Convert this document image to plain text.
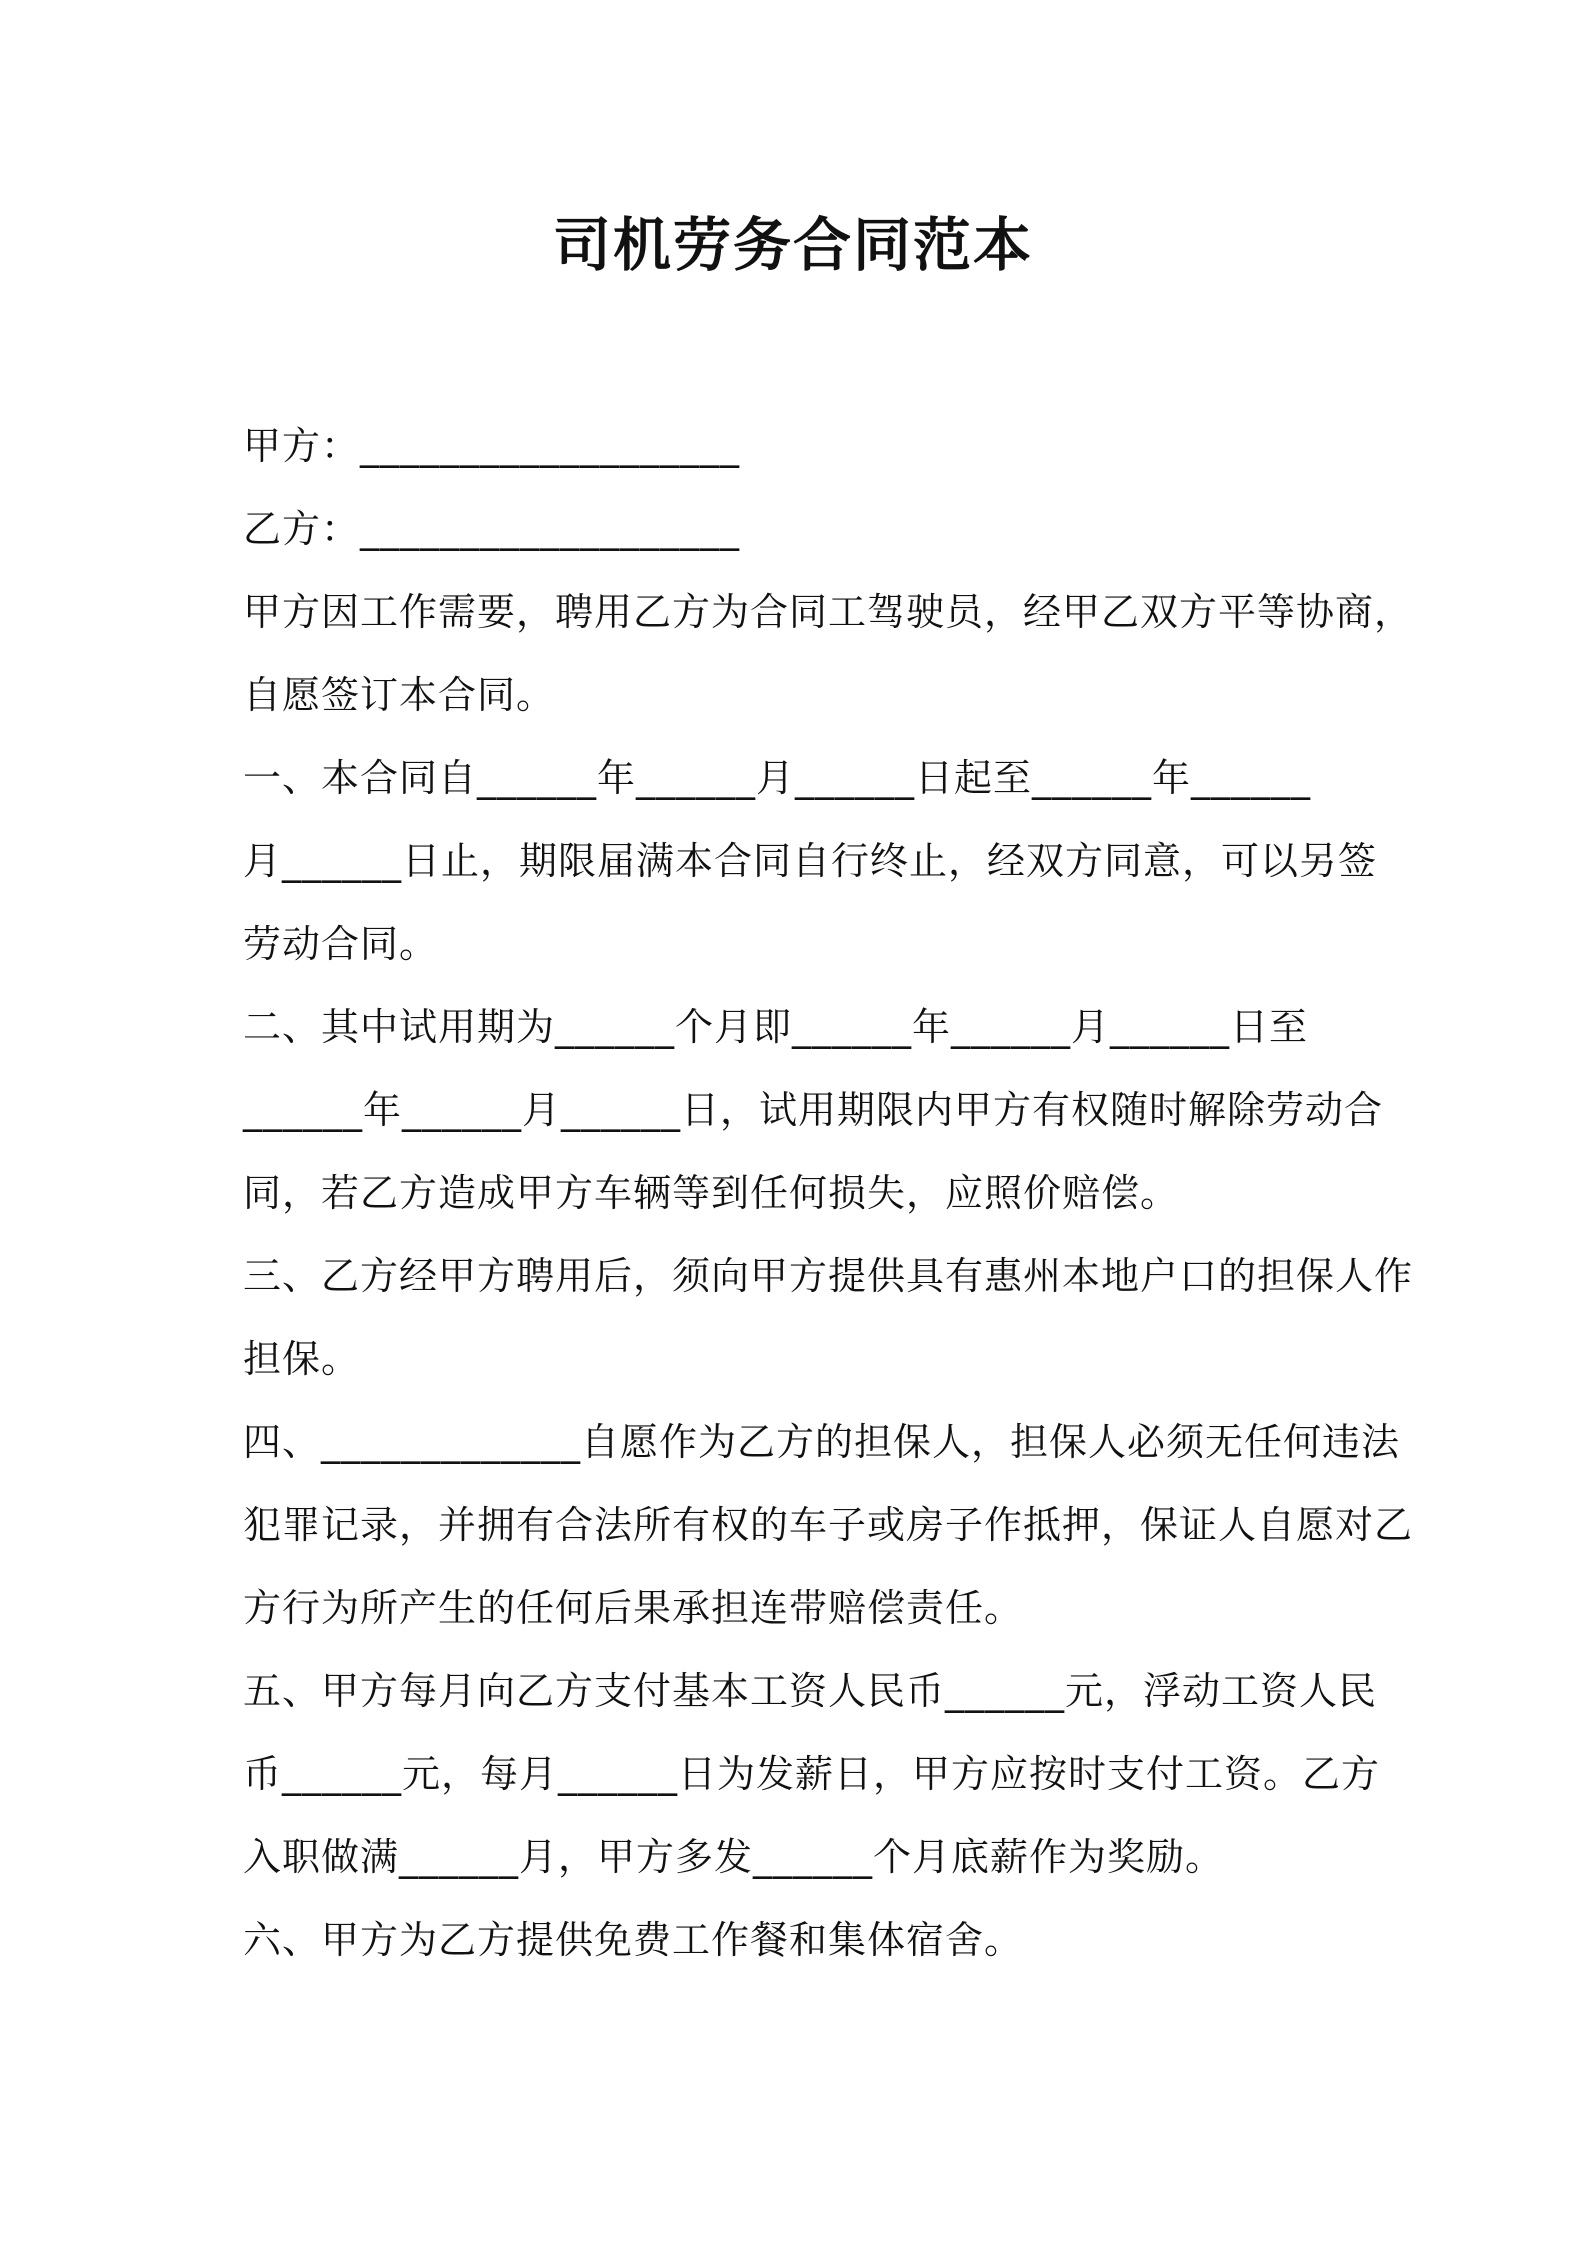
司机劳务合同范本
甲方：___________________
乙方：___________________
甲方因工作需要，聘用乙方为合同工驾驶员，经甲乙双方平等协商，
自愿签订本合同。
一、本合同自______年______月______日起至______年______
月______日止，期限届满本合同自行终止，经双方同意，可以另签
劳动合同。
二、其中试用期为______个月即______年______月______日至
______年______月______日，试用期限内甲方有权随时解除劳动合
同，若乙方造成甲方车辆等到任何损失，应照价赔偿。
三、乙方经甲方聘用后，须向甲方提供具有惠州本地户口的担保人作
担保。
四、_____________自愿作为乙方的担保人，担保人必须无任何违法
犯罪记录，并拥有合法所有权的车子或房子作抵押，保证人自愿对乙
方行为所产生的任何后果承担连带赔偿责任。
五、甲方每月向乙方支付基本工资人民币______元，浮动工资人民
币______元，每月______日为发薪日，甲方应按时支付工资。乙方
入职做满______月，甲方多发______个月底薪作为奖励。
六、甲方为乙方提供免费工作餐和集体宿舍。
